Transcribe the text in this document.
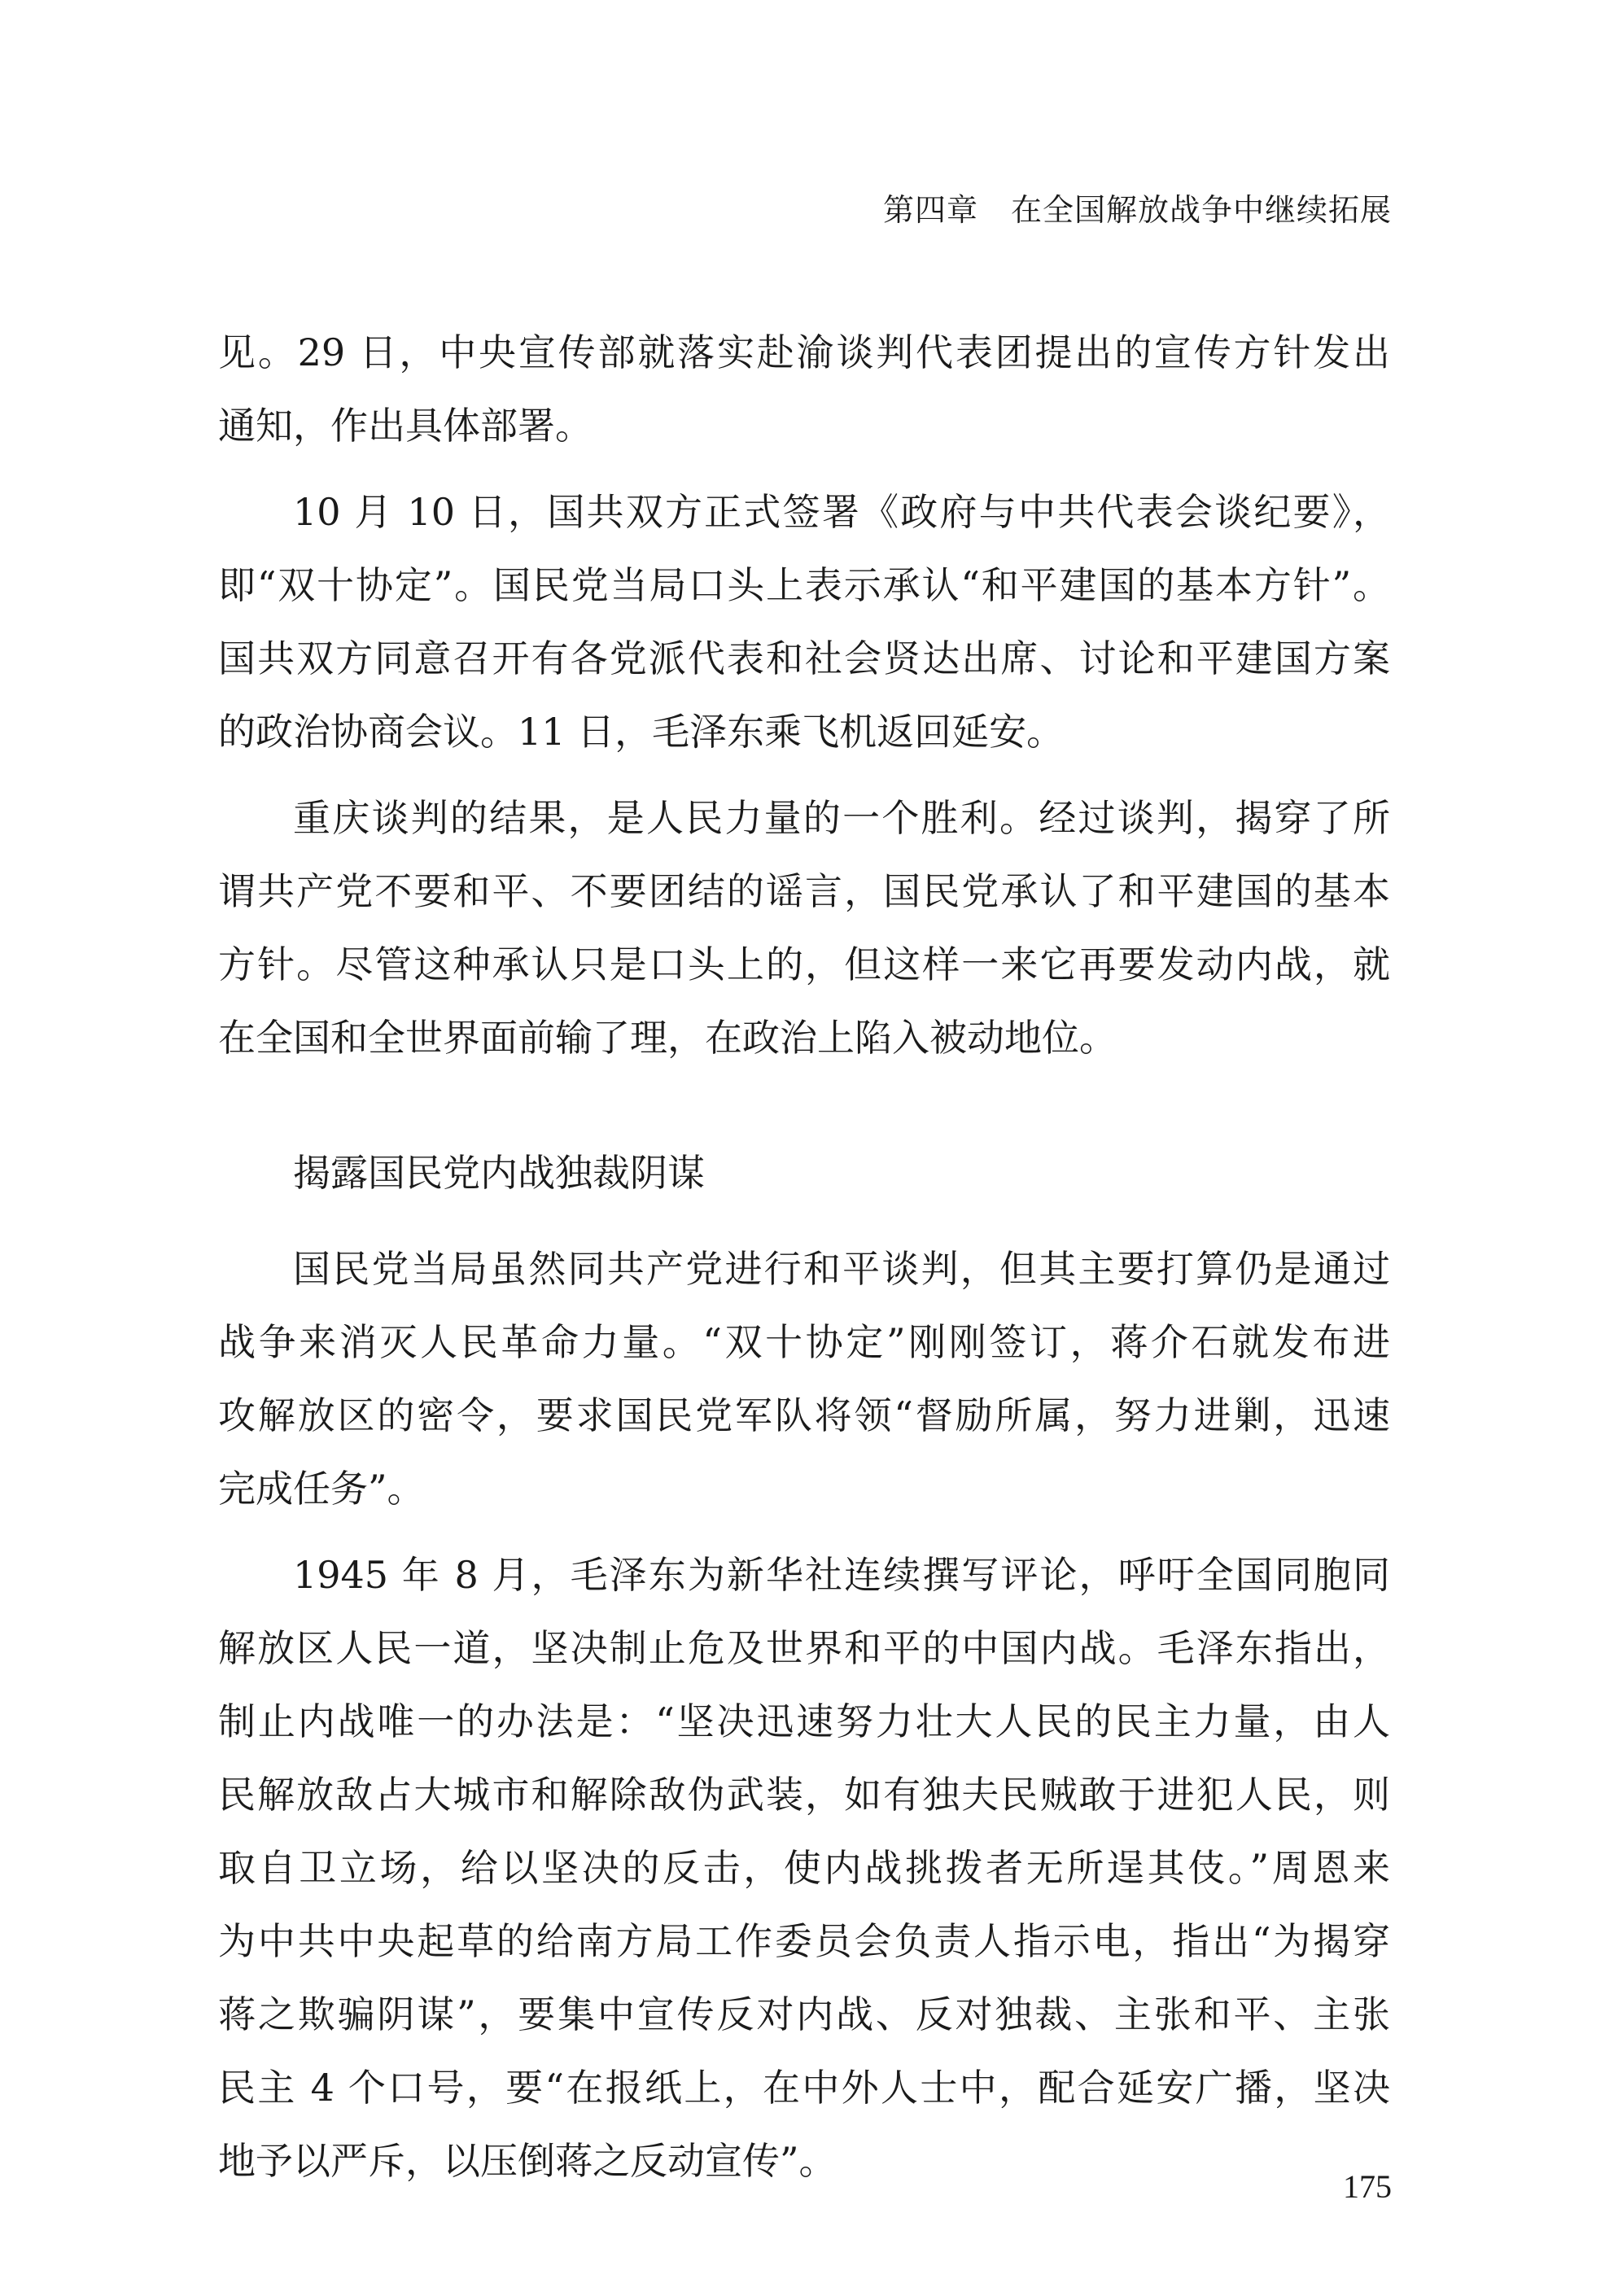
第四章 在全国解放战争中继续拓展
见。29 日，中央宣传部就落实赴渝谈判代表团提出的宣传方针发出
通知，作出具体部署。
10 月 10 日，国共双方正式签署《政府与中共代表会谈纪要》，
即“双十协定”。国民党当局口头上表示承认“和平建国的基本方针”。
国共双方同意召开有各党派代表和社会贤达出席、讨论和平建国方案
的政治协商会议。11 日，毛泽东乘飞机返回延安。
重庆谈判的结果，是人民力量的一个胜利。经过谈判，揭穿了所
谓共产党不要和平、不要团结的谣言，国民党承认了和平建国的基本
方针。尽管这种承认只是口头上的，但这样一来它再要发动内战，就
在全国和全世界面前输了理，在政治上陷入被动地位。
揭露国民党内战独裁阴谋
国民党当局虽然同共产党进行和平谈判，但其主要打算仍是通过
战争来消灭人民革命力量。“双十协定”刚刚签订，蒋介石就发布进
攻解放区的密令，要求国民党军队将领“督励所属，努力进剿，迅速
完成任务”。
1945 年 8 月，毛泽东为新华社连续撰写评论，呼吁全国同胞同
解放区人民一道，坚决制止危及世界和平的中国内战。毛泽东指出，
制止内战唯一的办法是：“坚决迅速努力壮大人民的民主力量，由人
民解放敌占大城市和解除敌伪武装，如有独夫民贼敢于进犯人民，则
取自卫立场，给以坚决的反击，使内战挑拨者无所逞其伎。”周恩来
为中共中央起草的给南方局工作委员会负责人指示电，指出“为揭穿
蒋之欺骗阴谋”，要集中宣传反对内战、反对独裁、主张和平、主张
民主 4 个口号，要“在报纸上，在中外人士中，配合延安广播，坚决
地予以严斥，以压倒蒋之反动宣传”。
175
